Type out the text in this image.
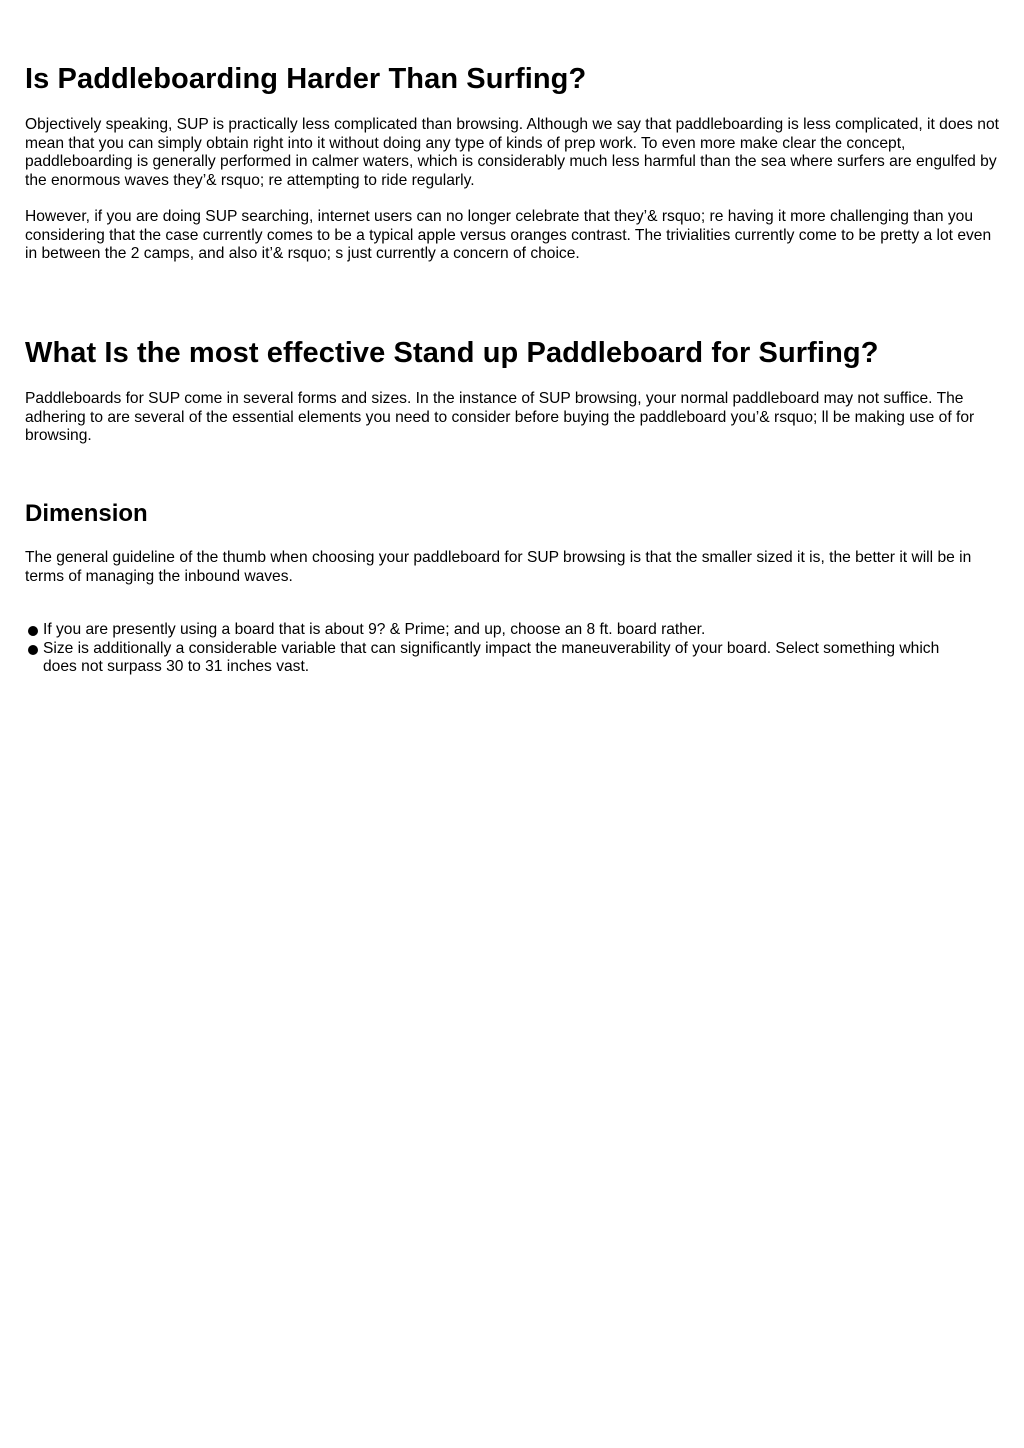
Is Paddleboarding Harder Than Surfing?

Objectively speaking, SUP is practically less complicated than browsing. Although we say that paddleboarding is less complicated, it does not mean that you can simply obtain right into it without doing any type of kinds of prep work. To even more make clear the concept, paddleboarding is generally performed in calmer waters, which is considerably much less harmful than the sea where surfers are engulfed by the enormous waves they’& rsquo; re attempting to ride regularly.

However, if you are doing SUP searching, internet users can no longer celebrate that they’& rsquo; re having it more challenging than you considering that the case currently comes to be a typical apple versus oranges contrast. The trivialities currently come to be pretty a lot even in between the 2 camps, and also it’& rsquo; s just currently a concern of choice.

What Is the most effective Stand up Paddleboard for Surfing?

Paddleboards for SUP come in several forms and sizes. In the instance of SUP browsing, your normal paddleboard may not suffice. The adhering to are several of the essential elements you need to consider before buying the paddleboard you’& rsquo; ll be making use of for browsing.

Dimension

The general guideline of the thumb when choosing your paddleboard for SUP browsing is that the smaller sized it is, the better it will be in terms of managing the inbound waves.

If you are presently using a board that is about 9? & Prime; and up, choose an 8 ft. board rather.
Size is additionally a considerable variable that can significantly impact the maneuverability of your board. Select something which does not surpass 30 to 31 inches vast.
